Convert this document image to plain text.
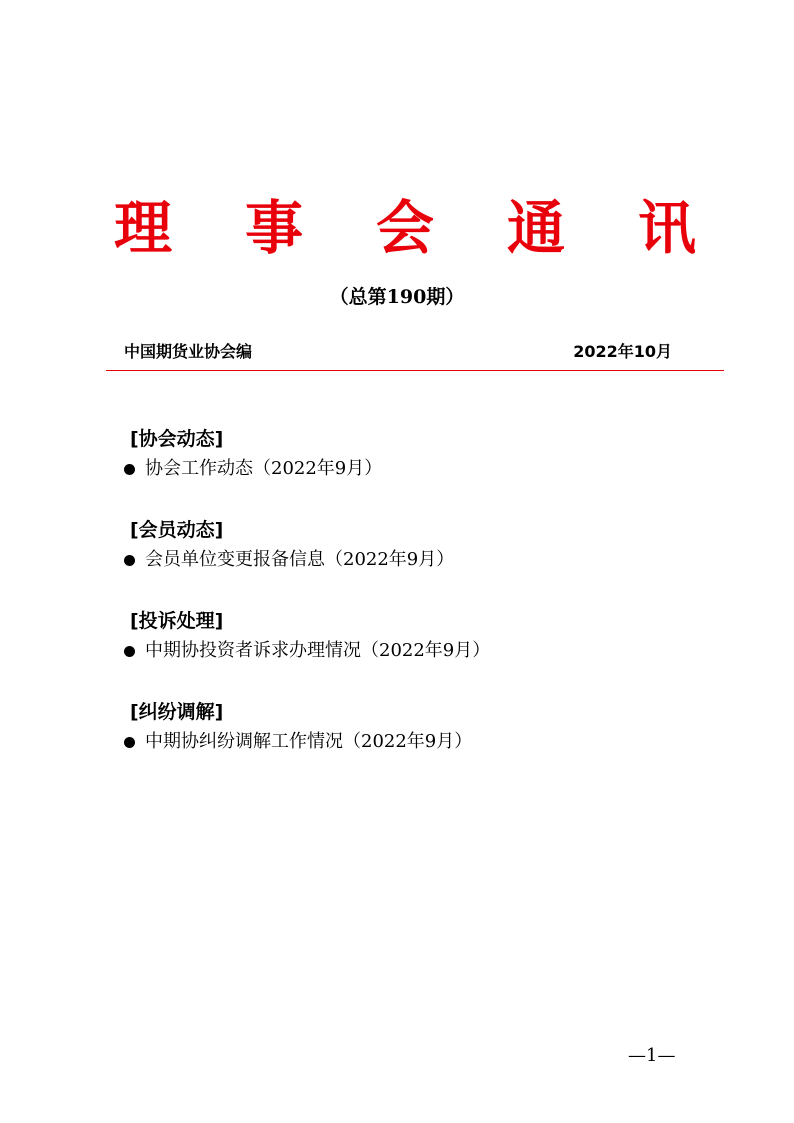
理 事 会 通 讯
（总第190期）
中国期货业协会编	2022年10月
[协会动态]
协会工作动态（2022年9月）
[会员动态]
会员单位变更报备信息（2022年9月）
[投诉处理]
中期协投资者诉求办理情况（2022年9月）
[纠纷调解]
中期协纠纷调解工作情况（2022年9月）
—1—
